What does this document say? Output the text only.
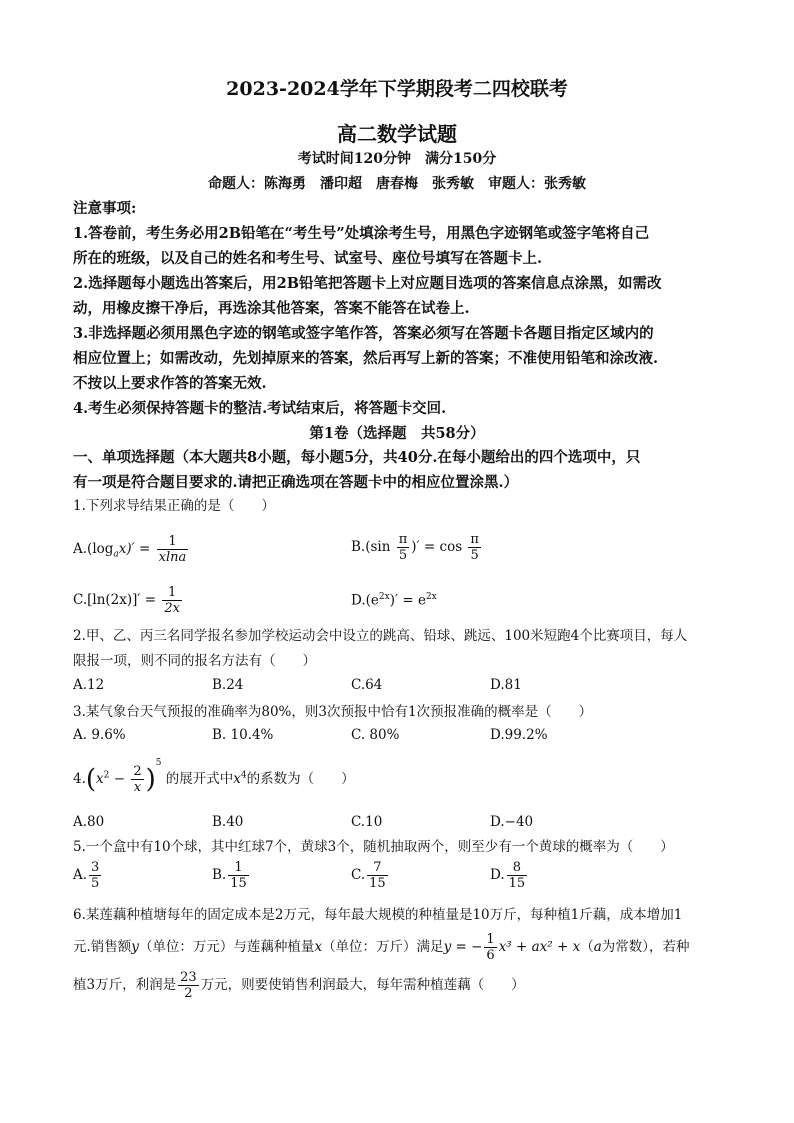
2023-2024学年下学期段考二四校联考
高二数学试题
考试时间120分钟　满分150分
命题人：陈海勇　潘印超　唐春梅　张秀敏　审题人：张秀敏
注意事项:
1.答卷前，考生务必用2B铅笔在“考生号”处填涂考生号，用黑色字迹钢笔或签字笔将自己
所在的班级，以及自己的姓名和考生号、试室号、座位号填写在答题卡上.
2.选择题每小题选出答案后，用2B铅笔把答题卡上对应题目选项的答案信息点涂黑，如需改
动，用橡皮擦干净后，再选涂其他答案，答案不能答在试卷上.
3.非选择题必须用黑色字迹的钢笔或签字笔作答，答案必须写在答题卡各题目指定区域内的
相应位置上；如需改动，先划掉原来的答案，然后再写上新的答案；不准使用铅笔和涂改液.
不按以上要求作答的答案无效.
4.考生必须保持答题卡的整洁.考试结束后，将答题卡交回.
第1卷（选择题　共58分）
一、单项选择题（本大题共8小题，每小题5分，共40分.在每小题给出的四个选项中，只
有一项是符合题目要求的.请把正确选项在答题卡中的相应位置涂黑.）
1.下列求导结果正确的是（　　）
$A.(\log_ax)' = \frac{1}{xlna}$	$B.(\sin \frac{\pi}{5}$ )′ = $\cos \frac{\pi}{5}$
$C.[\ln(2x)]' = \frac{1}{2x}$	$D.(e^{2x})' = e^{2x}$
2.甲、乙、丙三名同学报名参加学校运动会中设立的跳高、铅球、跳远、100米短跑4个比赛项目，每人
限报一项，则不同的报名方法有（　　）
A.12	B.24	C.64	D.81
3.某气象台天气预报的准确率为80%，则3次预报中恰有1次预报准确的概率是（　　）
A. 9.6%	B. 10.4%	C. 80%	D.99.2%
$4.(x^2 - \frac{2}{x} )^5$ 的展开式中$x^4$的系数为（　　）
A.80	B.40	C.10	D.−40
5.一个盒中有10个球，其中红球7个，黄球3个，随机抽取两个，则至少有一个黄球的概率为（　　）
A. $\frac{3}{5}$	B. $\frac{1}{15}$	C. $\frac{7}{15}$	D. $\frac{8}{15}$
6.某莲藕种植塘每年的固定成本是2万元，每年最大规模的种植量是10万斤，每种植1斤藕，成本增加1
元.销售额y（单位：万元）与莲藕种植量x（单位：万斤）满足y = − $\frac{1}{6} x^3 + ax^2 + x(a$为常数），若种
植3万斤，利润是 $\frac{23}{2}$ 万元，则要使销售利润最大，每年需种植莲藕（　　）
